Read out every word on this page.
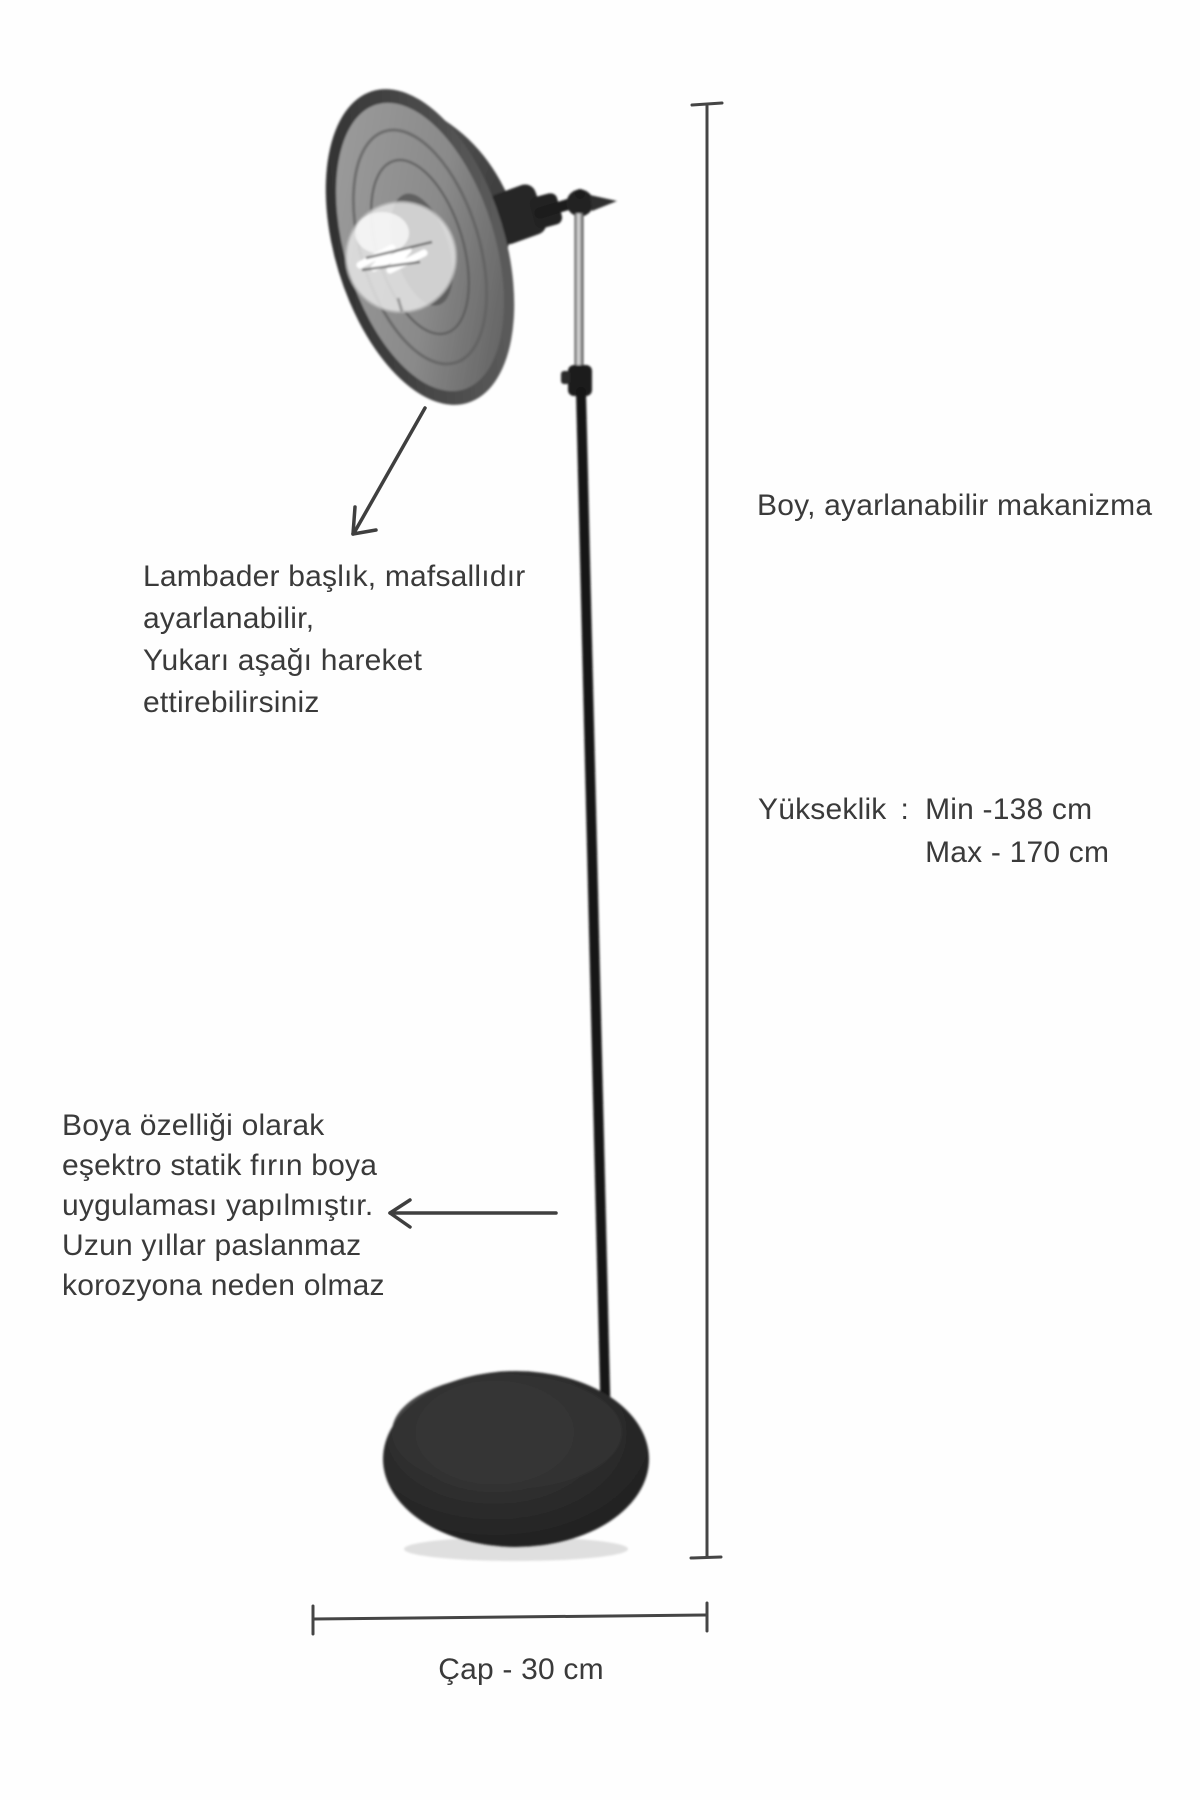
Boy, ayarlanabilir makanizma
Lambader başlık, mafsallıdır
ayarlanabilir,
Yukarı aşağı hareket
ettirebilirsiniz
Yükseklik : Min -138 cm
Max - 170 cm
Boya özelliği olarak
eşektro statik fırın boya
uygulaması yapılmıştır.
Uzun yıllar paslanmaz
korozyona neden olmaz
Çap - 30 cm
